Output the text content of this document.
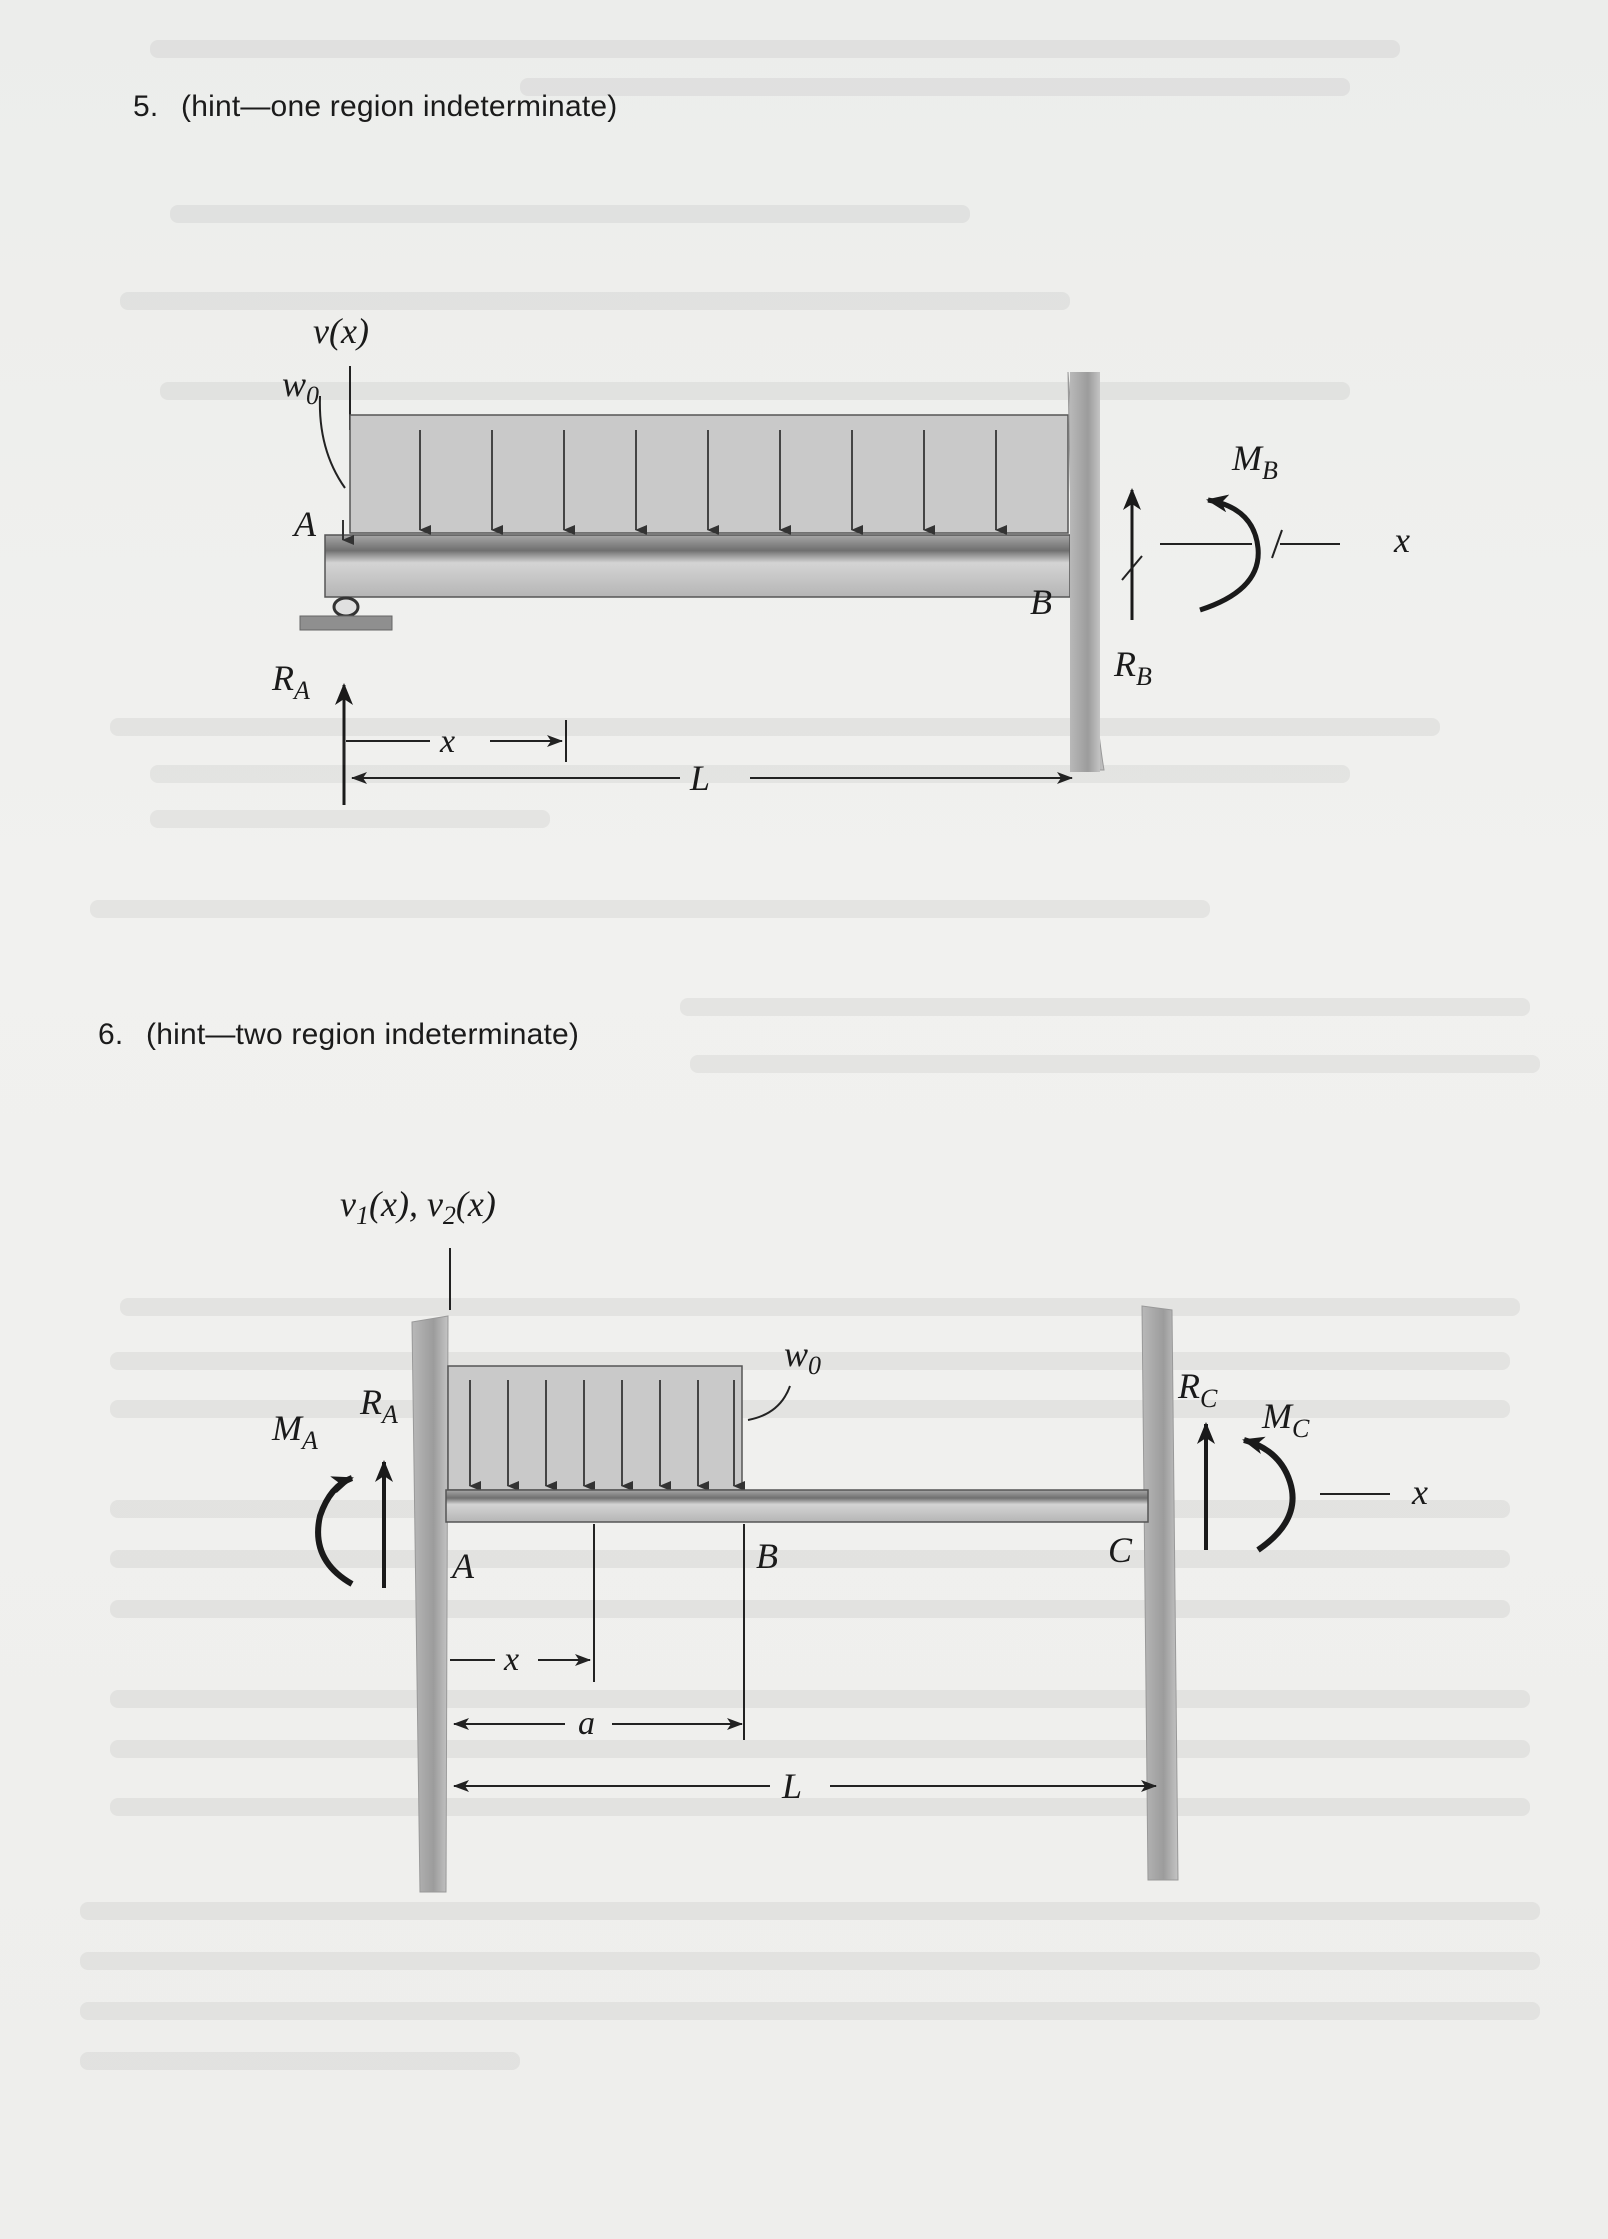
5. (hint—one region indeterminate)
6. (hint—two region indeterminate)
v(x)
$w_0$
A
$R_A$
x
L
B
$R_B$
$M_B$
x
$v_1(x)$, $v_2(x)$
$w_0$
$R_A$
$M_A$
A	B	C
$R_C$ $M_C$
x
x
a
L
